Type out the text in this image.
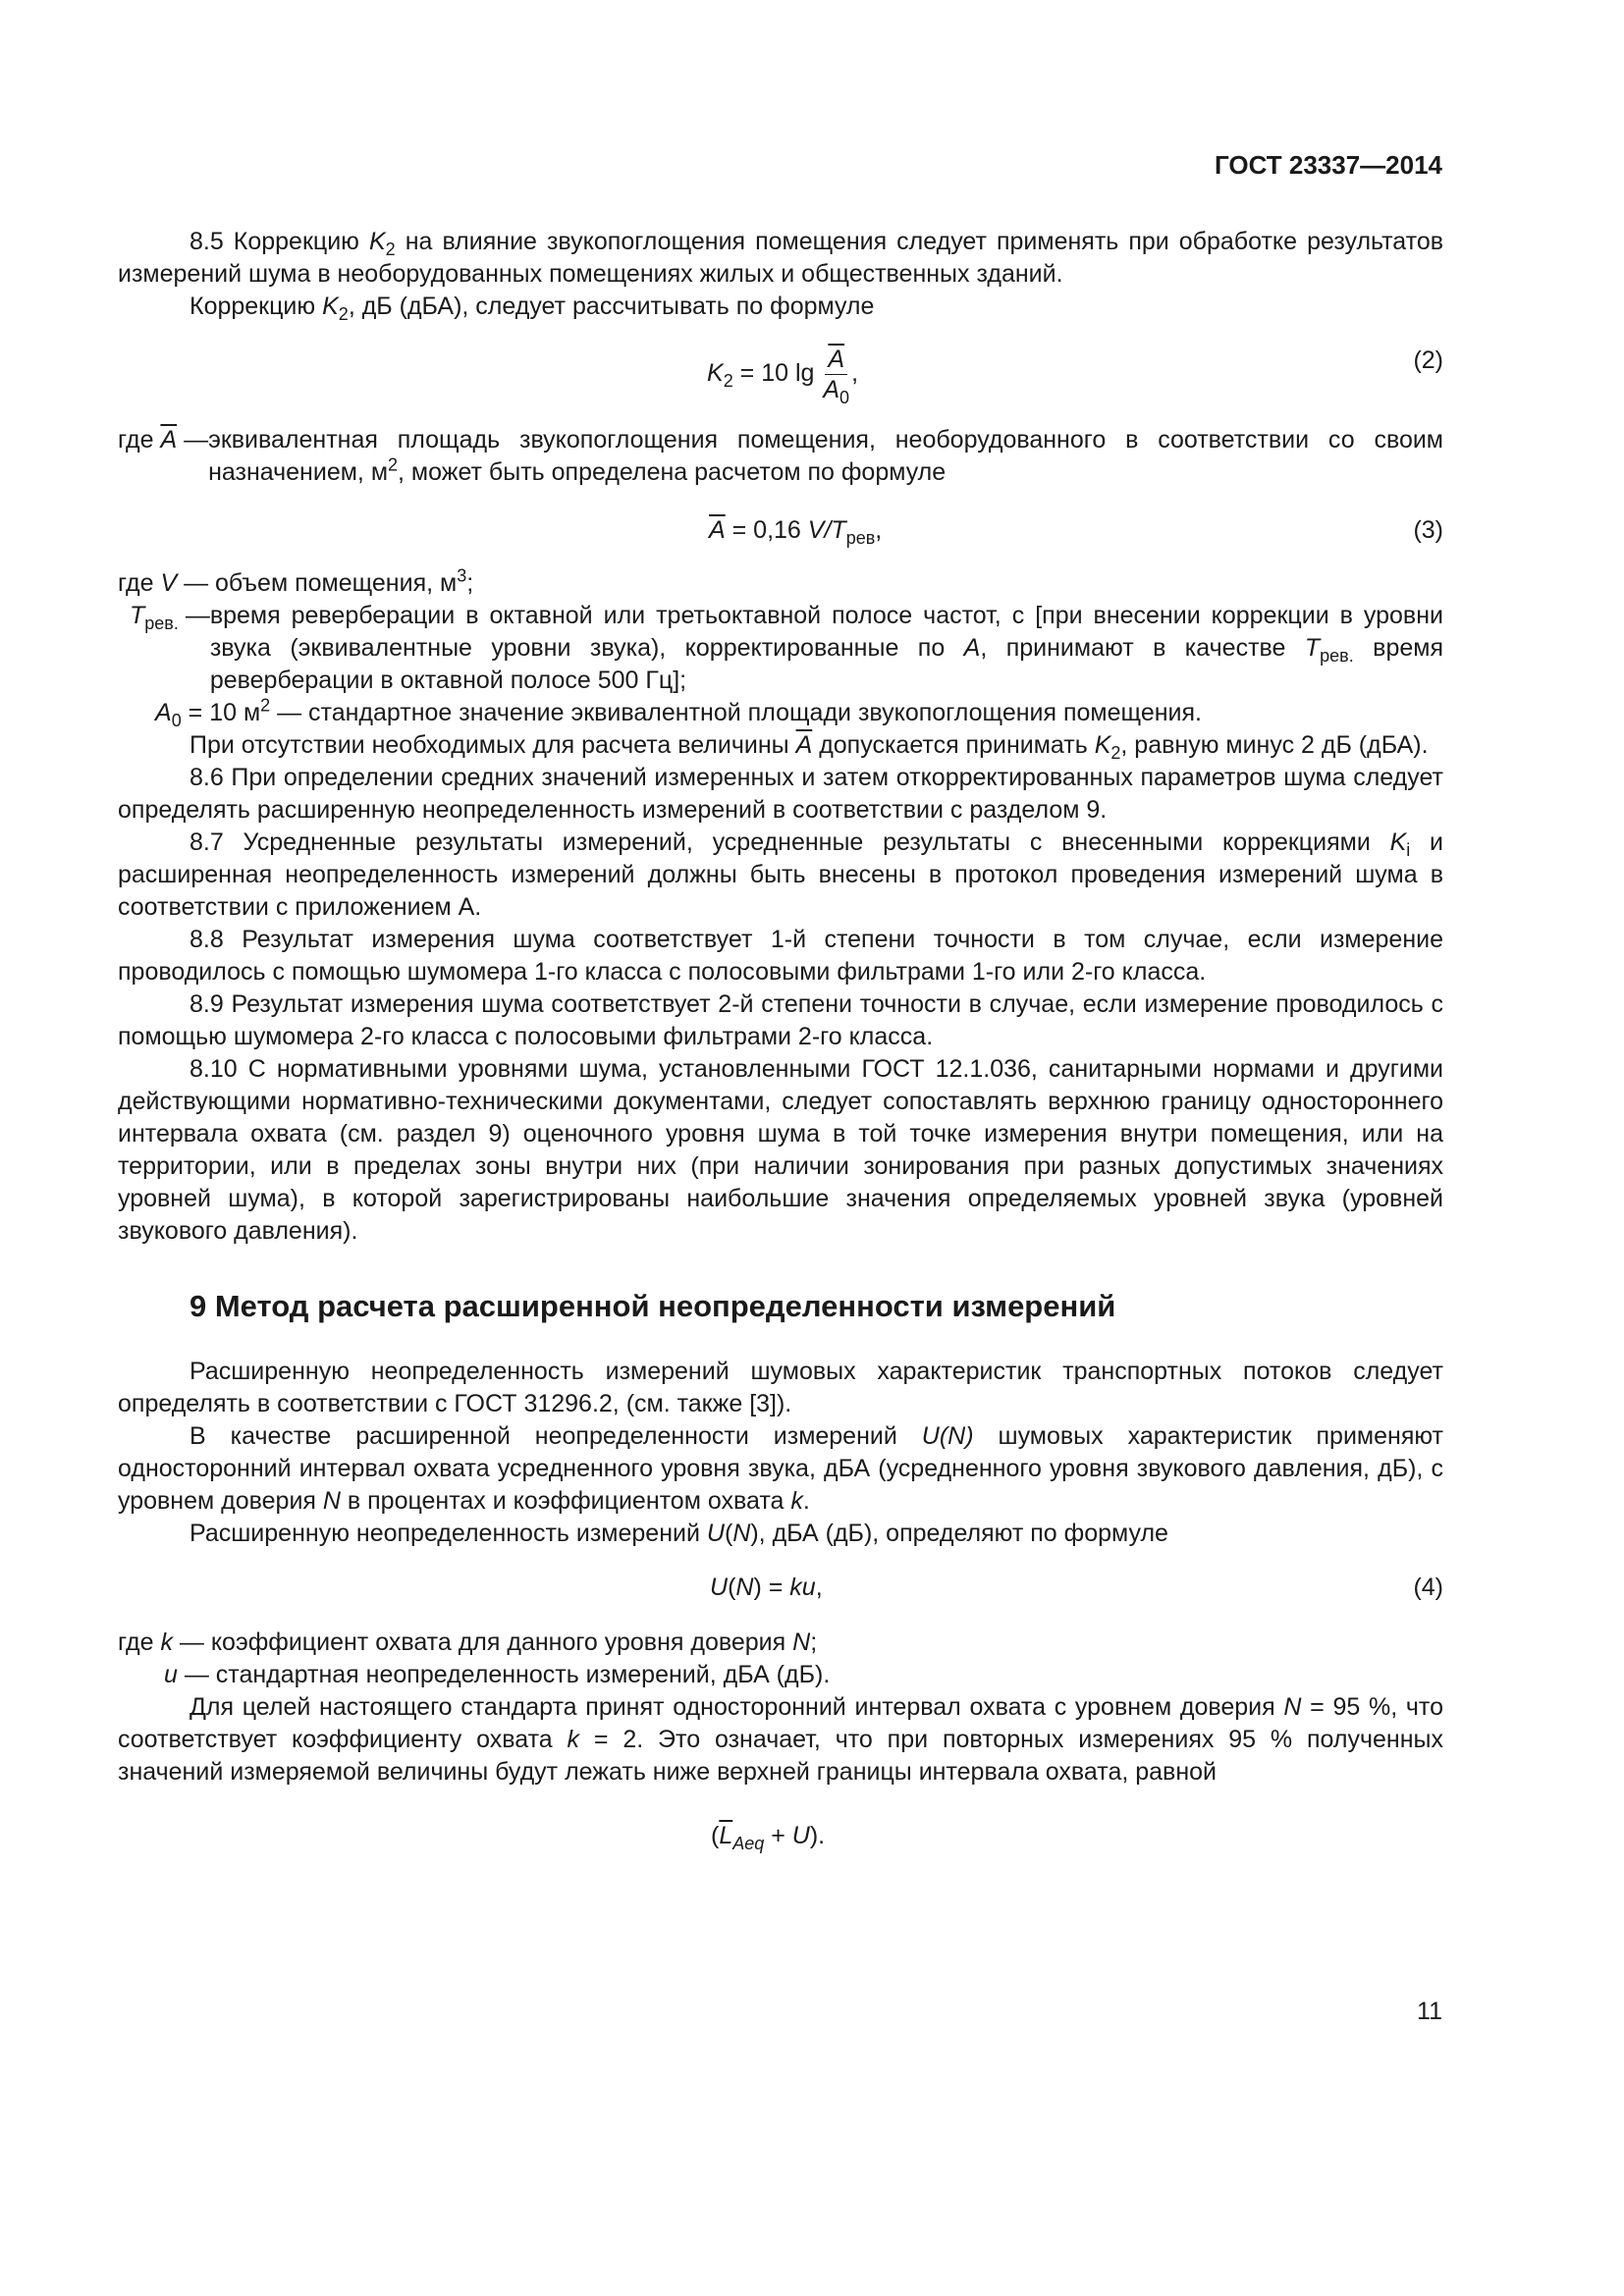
ГОСТ 23337—2014

8.5 Коррекцию $K_2$ на влияние звукопоглощения помещения следует применять при обработке результатов измерений шума в необорудованных помещениях жилых и общественных зданий.

Коррекцию $K_2$, дБ (дБА), следует рассчитывать по формуле

$K_2 = 10$ $\lg \frac{\overline{A}}{A_0}$ ,	(2)
где $\overline{A}$ — эквивалентная площадь звукопоглощения помещения, необорудованного в соответствии со своим назначением, $м^2$, может быть определена расчетом по формуле
$\overline{A} = 0,16$ $V/T_{рев}$,	(3)

где V — объем помещения, $м^3$;

$T_{рев.}$ — время реверберации в октавной или третьоктавной полосе частот, с [при внесении коррекции в уровни звука (эквивалентные уровни звука), корректированные по A, принимают в качестве $T_{рев.}$ время реверберации в октавной полосе 500 Гц];

$A_0 = 10$ $м^2$ — стандартное значение эквивалентной площади звукопоглощения помещения.

При отсутствии необходимых для расчета величины $\overline{A}$ допускается принимать $K_2$, равную минус 2 дБ (дБА).

8.6 При определении средних значений измеренных и затем откорректированных параметров шума следует определять расширенную неопределенность измерений в соответствии с разделом 9.

8.7 Усредненные результаты измерений, усредненные результаты с внесенными коррекциями $K_i$ и расширенная неопределенность измерений должны быть внесены в протокол проведения измерений шума в соответствии с приложением А.

8.8 Результат измерения шума соответствует 1-й степени точности в том случае, если измерение проводилось с помощью шумомера 1-го класса с полосовыми фильтрами 1-го или 2-го класса.

8.9 Результат измерения шума соответствует 2-й степени точности в случае, если измерение проводилось с помощью шумомера 2-го класса с полосовыми фильтрами 2-го класса.

8.10 С нормативными уровнями шума, установленными ГОСТ 12.1.036, санитарными нормами и другими действующими нормативно-техническими документами, следует сопоставлять верхнюю границу одностороннего интервала охвата (см. раздел 9) оценочного уровня шума в той точке измерения внутри помещения, или на территории, или в пределах зоны внутри них (при наличии зонирования при разных допустимых значениях уровней шума), в которой зарегистрированы наибольшие значения определяемых уровней звука (уровней звукового давления).

9 Метод расчета расширенной неопределенности измерений

Расширенную неопределенность измерений шумовых характеристик транспортных потоков следует определять в соответствии с ГОСТ 31296.2, (см. также [3]).

В качестве расширенной неопределенности измерений U(N) шумовых характеристик применяют односторонний интервал охвата усредненного уровня звука, дБА (усредненного уровня звукового давления, дБ), с уровнем доверия N в процентах и коэффициентом охвата k.

Расширенную неопределенность измерений U(N), дБА (дБ), определяют по формуле

U(N) = ku,	(4)

где k — коэффициент охвата для данного уровня доверия N;

u — стандартная неопределенность измерений, дБА (дБ).

Для целей настоящего стандарта принят односторонний интервал охвата с уровнем доверия N = 95 %, что соответствует коэффициенту охвата k = 2. Это означает, что при повторных измерениях 95 % полученных значений измеряемой величины будут лежать ниже верхней границы интервала охвата, равной

$(\overline{L}_{Aeq} + U)$.
11
